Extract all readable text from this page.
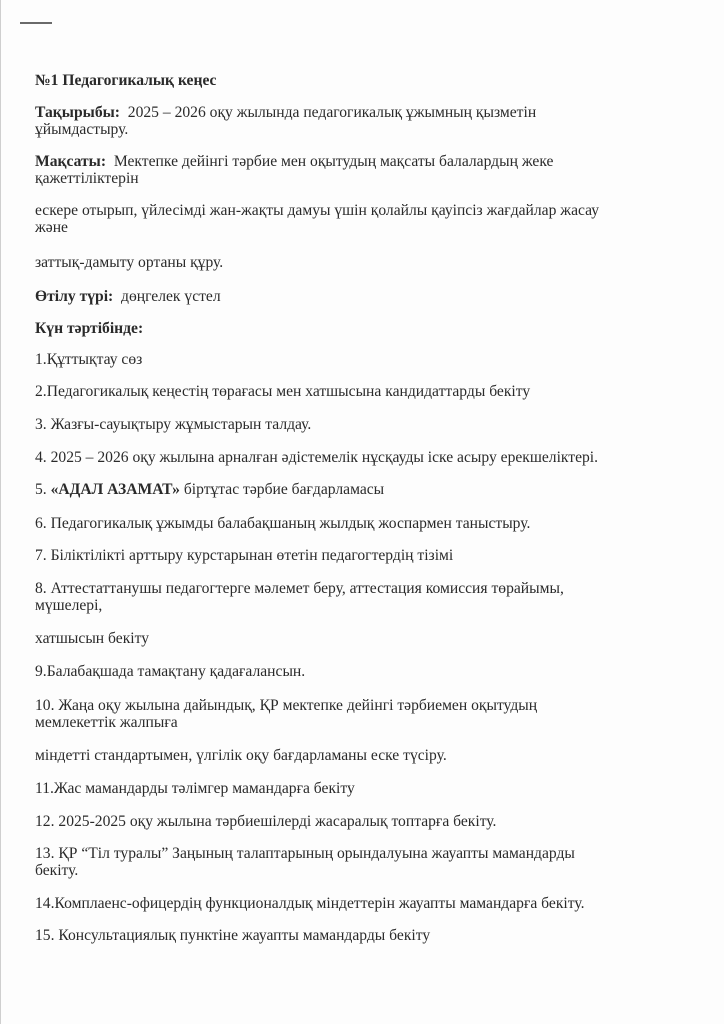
№1 Педагогикалық кеңес
Тақырыбы: 2025 – 2026 оқу жылында педагогикалық ұжымның қызметін
ұйымдастыру.
Мақсаты: Мектепке дейінгі тәрбие мен оқытудың мақсаты балалардың жеке
қажеттіліктерін
ескере отырып, үйлесімді жан-жақты дамуы үшін қолайлы қауіпсіз жағдайлар жасау
және
заттық-дамыту ортаны құру.
Өтілу түрі: дөңгелек үстел
Күн тәртібінде:
1.Құттықтау сөз
2.Педагогикалық кеңестің төрағасы мен хатшысына кандидаттарды бекіту
3. Жазғы-сауықтыру жұмыстарын талдау.
4. 2025 – 2026 оқу жылына арналған әдістемелік нұсқауды іске асыру ерекшеліктері.
5. «АДАЛ АЗАМАТ» біртұтас тәрбие бағдарламасы
6. Педагогикалық ұжымды балабақшаның жылдық жоспармен таныстыру.
7. Біліктілікті арттыру курстарынан өтетін педагогтердің тізімі
8. Аттестаттанушы педагогтерге мәлемет беру, аттестация комиссия төрайымы,
мүшелері,
хатшысын бекіту
9.Балабақшада тамақтану қадағалансын.
10. Жаңа оқу жылына дайындық, ҚР мектепке дейінгі тәрбиемен оқытудың
мемлекеттік жалпыға
міндетті стандартымен, үлгілік оқу бағдарламаны еске түсіру.
11.Жас мамандарды тәлімгер мамандарға бекіту
12. 2025-2025 оқу жылына тәрбиешілерді жасаралық топтарға бекіту.
13. ҚР “Тіл туралы” Заңының талаптарының орындалуына жауапты мамандарды
бекіту.
14.Комплаенс-офицердің функционалдық міндеттерін жауапты мамандарға бекіту.
15. Консультациялық пунктіне жауапты мамандарды бекіту
